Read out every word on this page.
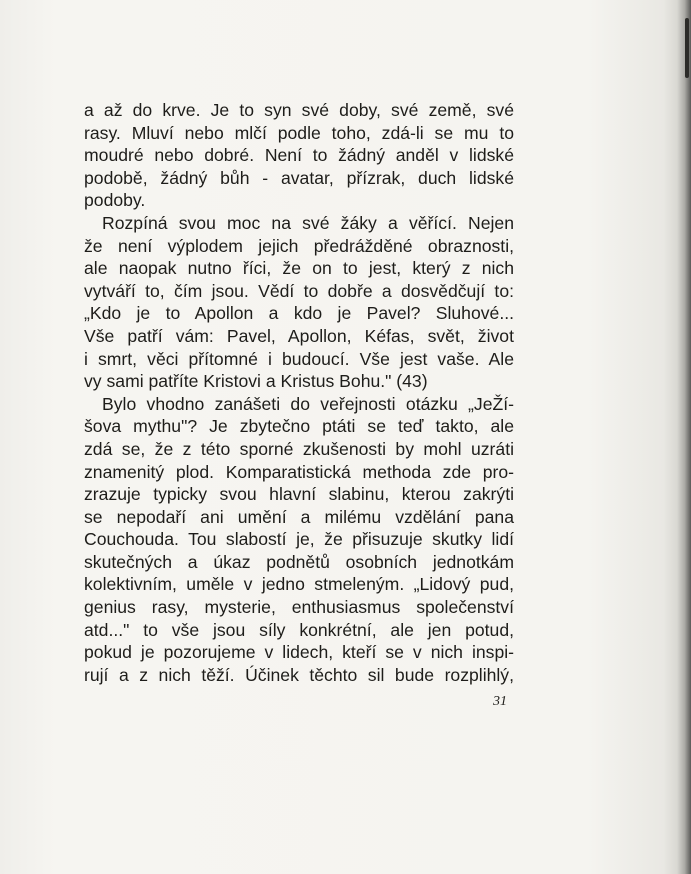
a až do krve. Je to syn své doby, své země, své
rasy. Mluví nebo mlčí podle toho, zdá-li se mu to
moudré nebo dobré. Není to žádný anděl v lidské
podobě, žádný bůh - avatar, přízrak, duch lidské
podoby.
Rozpíná svou moc na své žáky a věřící. Nejen
že není výplodem jejich předrážděné obraznosti,
ale naopak nutno říci, že on to jest, který z nich
vytváří to, čím jsou. Vědí to dobře a dosvědčují to:
„Kdo je to Apollon a kdo je Pavel? Sluhové...
Vše patří vám: Pavel, Apollon, Kéfas, svět, život
i smrt, věci přítomné i budoucí. Vše jest vaše. Ale
vy sami patříte Kristovi a Kristus Bohu." (43)
Bylo vhodno zanášeti do veřejnosti otázku „JeŽí-
šova mythu"? Je zbytečno ptáti se teď takto, ale
zdá se, že z této sporné zkušenosti by mohl uzráti
znamenitý plod. Komparatistická methoda zde pro-
zrazuje typicky svou hlavní slabinu, kterou zakrýti
se nepodaří ani umění a milému vzdělání pana
Couchouda. Tou slabostí je, že přisuzuje skutky lidí
skutečných a úkaz podnětů osobních jednotkám
kolektivním, uměle v jedno stmeleným. „Lidový pud,
genius rasy, mysterie, enthusiasmus společenství
atd..." to vše jsou síly konkrétní, ale jen potud,
pokud je pozorujeme v lidech, kteří se v nich inspi-
rují a z nich těží. Účinek těchto sil bude rozplihlý,
31
